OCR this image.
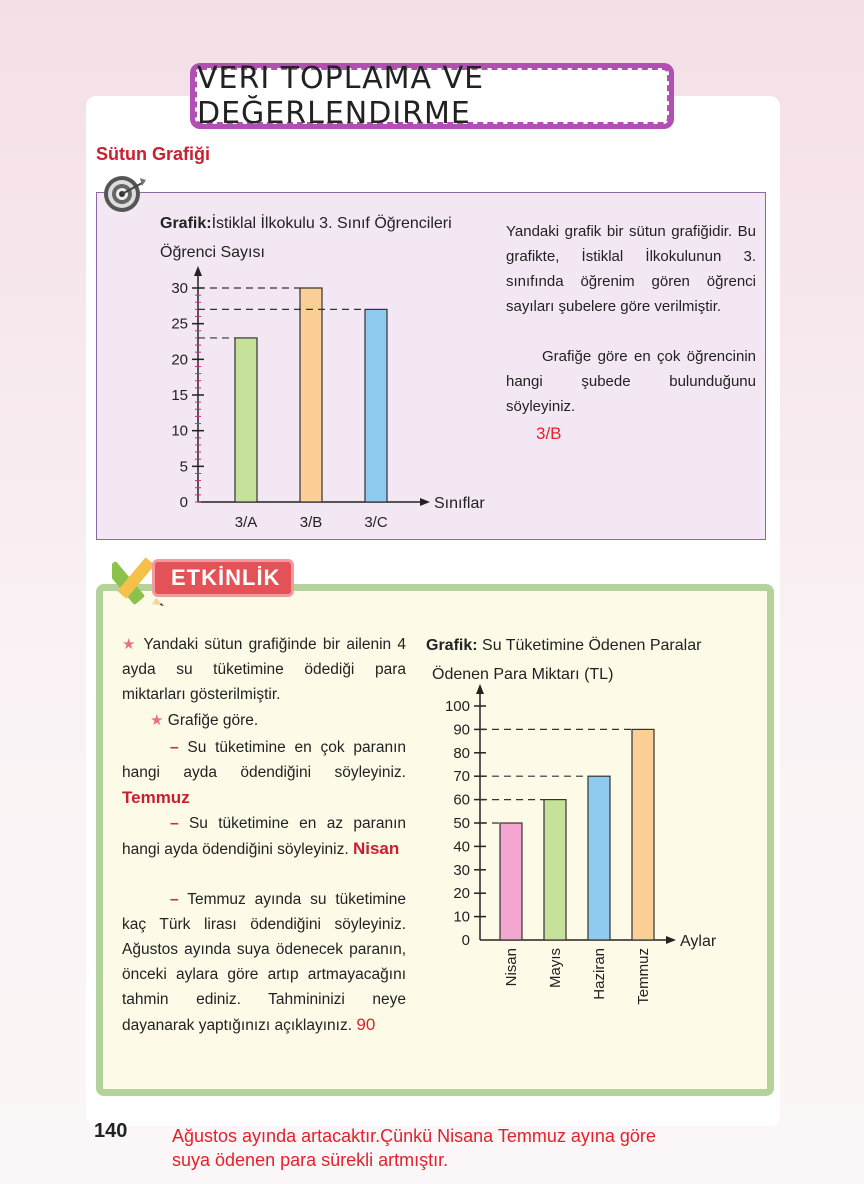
VERI TOPLAMA VE DEĞERLENDIRME
Sütun Grafiği
Grafik:İstiklal İlkokulu 3. Sınıf Öğrencileri
Öğrenci Sayısı
Sınıflar
0
5
10
15
20
25
30
3/A	3/B	3/C
Yandaki grafik bir sütun grafiğidir. Bu grafikte, İstiklal İlkokulunun 3. sınıfında öğrenim gören öğrenci sayıları şubelere göre verilmiştir.
Grafiğe göre en çok öğrencinin hangi şubede bulunduğunu söyleyiniz.
3/B
ETKİNLİK
★ Yandaki sütun grafiğinde bir ailenin 4 ayda su tüketimine ödediği para miktarları gösterilmiştir.
★ Grafiğe göre.
– Su tüketimine en çok paranın hangi ayda ödendiğini söyleyiniz. Temmuz
– Su tüketimine en az paranın hangi ayda ödendiğini söyleyiniz. Nisan
– Temmuz ayında su tüketimine kaç Türk lirası ödendiğini söyleyiniz. Ağustos ayında suya ödenecek paranın, önceki aylara göre artıp artmayacağını tahmin ediniz. Tahmininizi neye dayanarak yaptığınızı açıklayınız. 90
Grafik: Su Tüketimine Ödenen Paralar
Ödenen Para Miktarı (TL)
Aylar
0
10
20
30
40
50
60
70
80
90
100
Nisan Mayıs Haziran Temmuz
140 Ağustos ayında artacaktır.Çünkü Nisana Temmuz ayına göre
suya ödenen para sürekli artmıştır.
